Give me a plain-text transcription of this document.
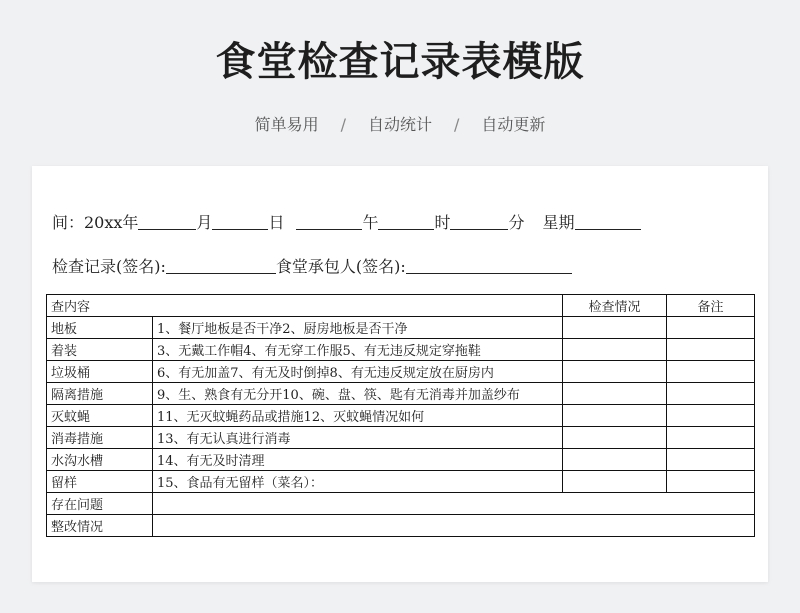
食堂检查记录表模版
简单易用 / 自动统计 / 自动更新
间：20xx年	月	日	午	时	分 星期
检查记录(签名):	食堂承包人(签名):
查内容		检查情况	备注
地板	1、餐厅地板是否干净2、厨房地板是否干净		
着装	3、无戴工作帽4、有无穿工作服5、有无违反规定穿拖鞋		
垃圾桶	6、有无加盖7、有无及时倒掉8、有无违反规定放在厨房内		
隔离措施	9、生、熟食有无分开10、碗、盘、筷、匙有无消毒并加盖纱布		
灭蚊蝇	11、无灭蚊蝇药品或措施12、灭蚊蝇情况如何		
消毒措施	13、有无认真进行消毒		
水沟水槽	14、有无及时清理		
留样	15、食品有无留样（菜名）：		
存在问题			
整改情况			
